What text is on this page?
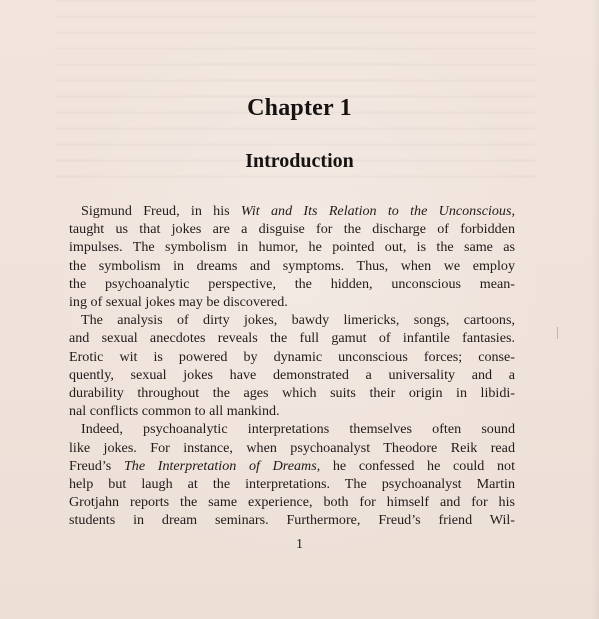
Chapter 1
Introduction
Sigmund Freud, in his Wit and Its Relation to the Unconscious,
taught us that jokes are a disguise for the discharge of forbidden
impulses. The symbolism in humor, he pointed out, is the same as
the symbolism in dreams and symptoms. Thus, when we employ
the psychoanalytic perspective, the hidden, unconscious mean-
ing of sexual jokes may be discovered.
The analysis of dirty jokes, bawdy limericks, songs, cartoons,
and sexual anecdotes reveals the full gamut of infantile fantasies.
Erotic wit is powered by dynamic unconscious forces; conse-
quently, sexual jokes have demonstrated a universality and a
durability throughout the ages which suits their origin in libidi-
nal conflicts common to all mankind.
Indeed, psychoanalytic interpretations themselves often sound
like jokes. For instance, when psychoanalyst Theodore Reik read
Freud’s The Interpretation of Dreams, he confessed he could not
help but laugh at the interpretations. The psychoanalyst Martin
Grotjahn reports the same experience, both for himself and for his
students in dream seminars. Furthermore, Freud’s friend Wil-
1
